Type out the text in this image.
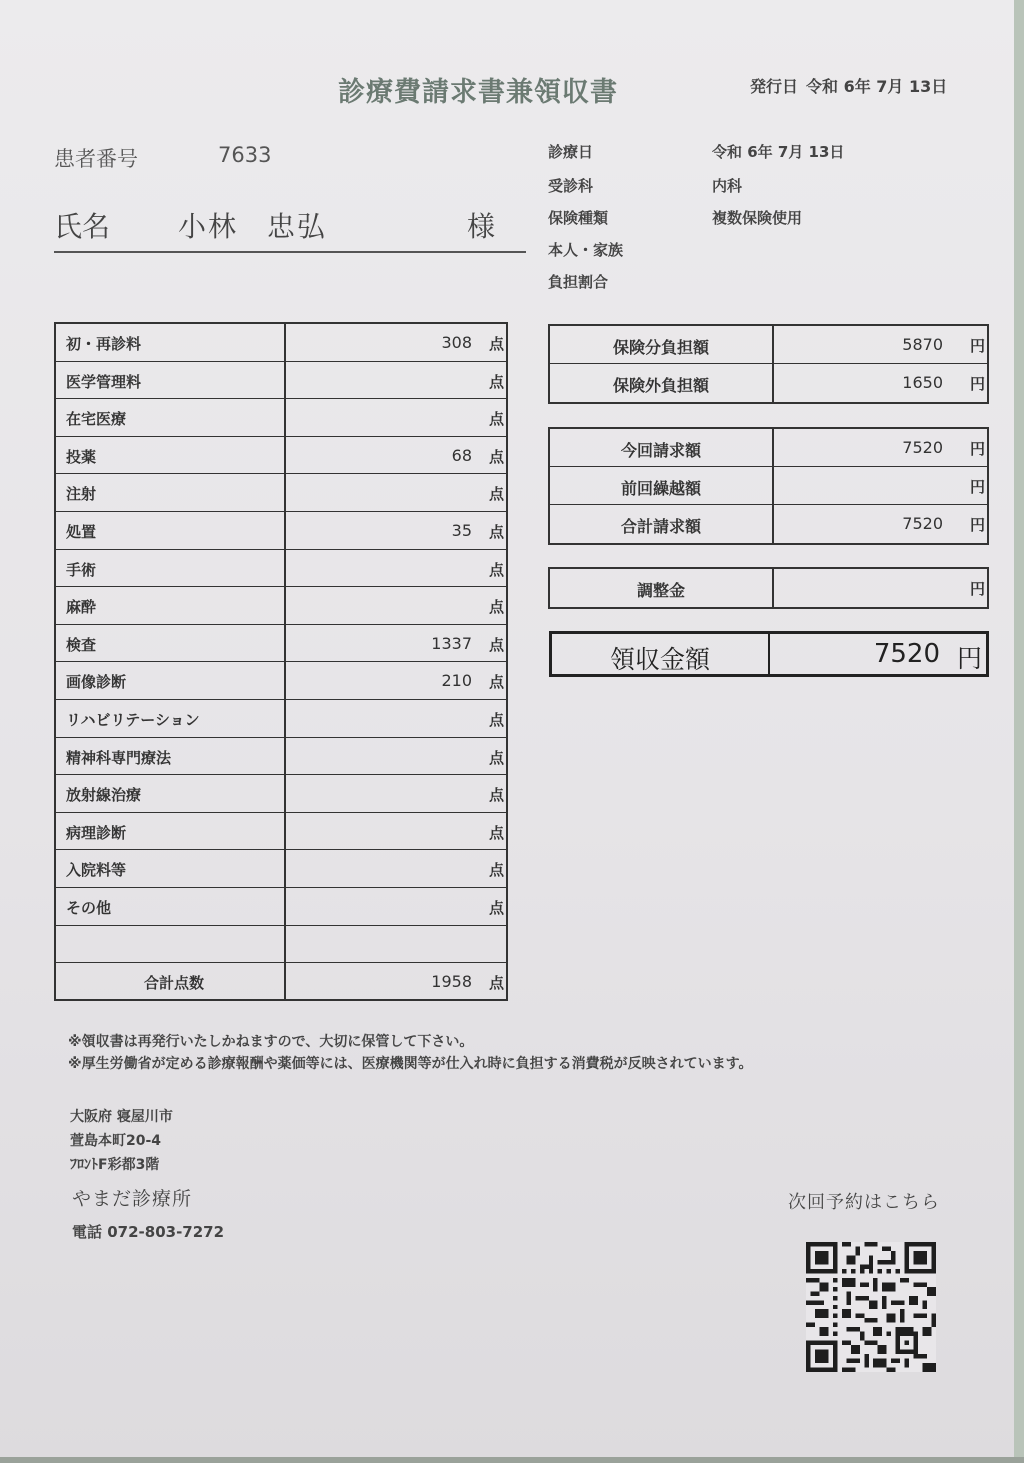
診療費請求書兼領収書	発行日 令和 6年 7月 13日
患者番号	7633
氏名 小林 忠弘	様
診療日	令和 6年 7月 13日
受診科	内科
保険種類	複数保険使用
本人・家族
負担割合
初・再診料	308 点
医学管理料	点
在宅医療	点
投薬	68 点
注射	点
処置	35 点
手術	点
麻酔	点
検査	1337 点
画像診断	210 点
リハビリテーション	点
精神科専門療法	点
放射線治療	点
病理診断	点
入院料等	点
その他	点
合計点数	1958 点
保険分負担額	5870 円
保険外負担額	1650 円
今回請求額	7520 円
前回繰越額	円
合計請求額	7520 円
調整金	円
領収金額	7520 円
※領収書は再発行いたしかねますので、大切に保管して下さい。
※厚生労働省が定める診療報酬や薬価等には、医療機関等が仕入れ時に負担する消費税が反映されています。
大阪府 寝屋川市
萱島本町20-4
ﾌﾛﾝﾄF彩都3階
やまだ診療所
電話 072-803-7272
次回予約はこちら
